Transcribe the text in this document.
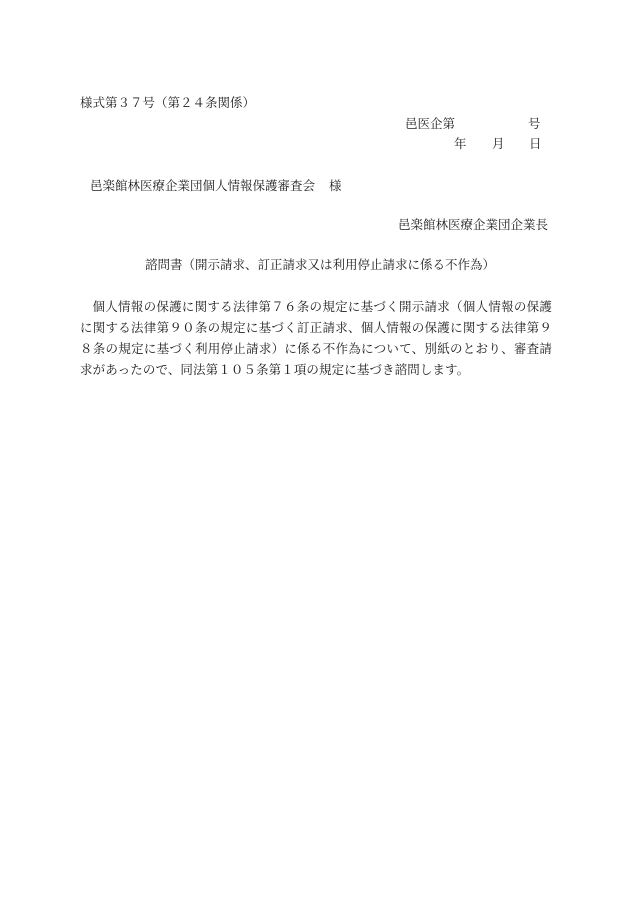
様式第３７号（第２４条関係）
邑医企第	号
年 月 日
邑楽館林医療企業団個人情報保護審査会 様
邑楽館林医療企業団企業長
諮問書（開示請求、訂正請求又は利用停止請求に係る不作為）
個人情報の保護に関する法律第７６条の規定に基づく開示請求（個人情報の保護に関する法律第９０条の規定に基づく訂正請求、個人情報の保護に関する法律第９８条の規定に基づく利用停止請求）に係る不作為について、別紙のとおり、審査請求があったので、同法第１０５条第１項の規定に基づき諮問します。
